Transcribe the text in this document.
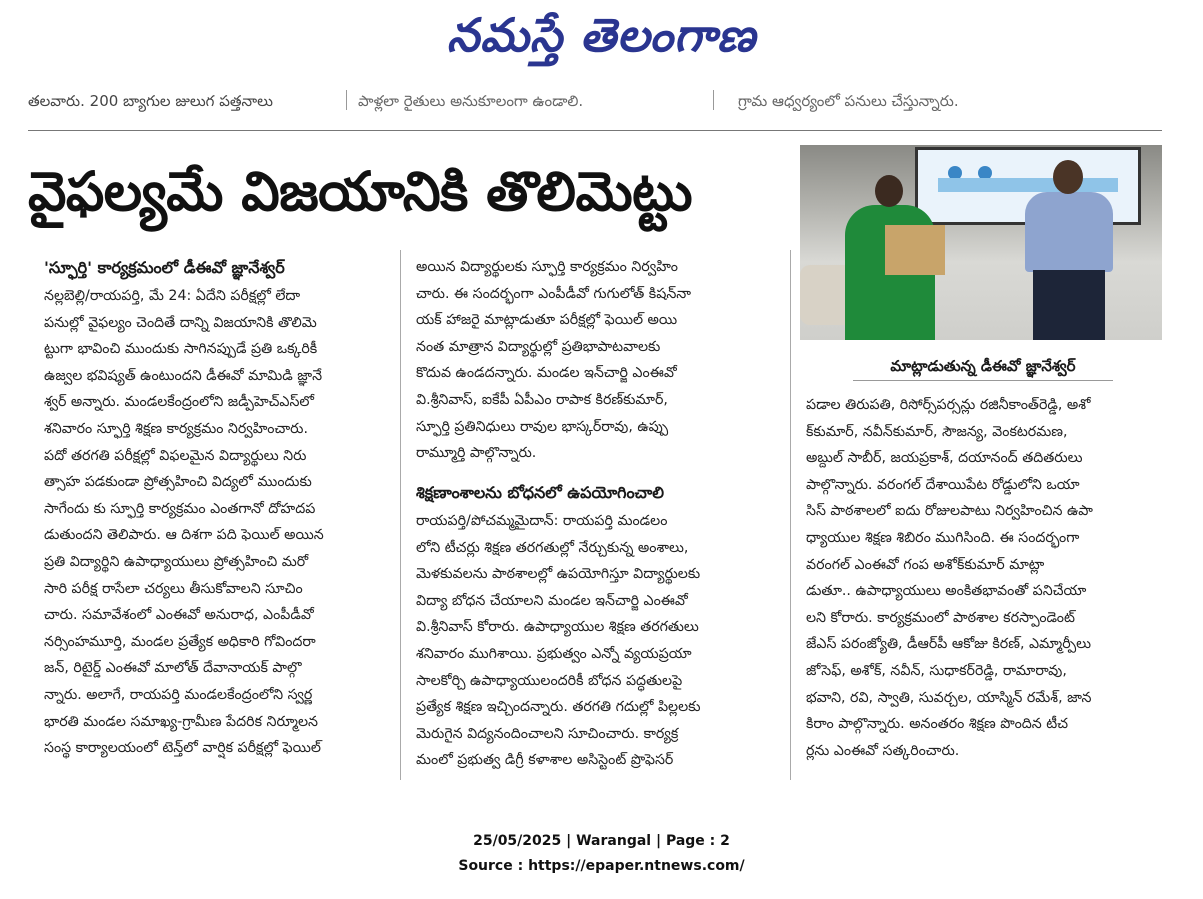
నమస్తే తెలంగాణ
తలవారు. 200 బ్యాగుల జులుగ పత్తనాలు	పాళ్లలా రైతులు అనుకూలంగా ఉండాలి.	గ్రామ ఆధ్వర్యంలో పనులు చేస్తున్నారు.
వైఫల్యమే విజయానికి తొలిమెట్టు
మాట్లాడుతున్న డీఈవో జ్ఞానేశ్వర్
'స్ఫూర్తి' కార్యక్రమంలో డీఈవో జ్ఞానేశ్వర్
నల్లబెల్లి/రాయపర్తి, మే 24: ఏదేని పరీక్షల్లో లేదా
పనుల్లో వైఫల్యం చెందితే దాన్ని విజయానికి తొలిమె
ట్టుగా భావించి ముందుకు సాగినప్పుడే ప్రతి ఒక్కరికీ
ఉజ్వల భవిష్యత్ ఉంటుందని డీఈవో మామిడి జ్ఞానే
శ్వర్ అన్నారు. మండలకేంద్రంలోని జడ్పీహెచ్ఎస్‌లో
శనివారం స్ఫూర్తి శిక్షణ కార్యక్రమం నిర్వహించారు.
పదో తరగతి పరీక్షల్లో విఫలమైన విద్యార్థులు నిరు
త్సాహ పడకుండా ప్రోత్సహించి విద్యలో ముందుకు
సాగేందు కు స్ఫూర్తి కార్యక్రమం ఎంతగానో దోహదప
డుతుందని తెలిపారు. ఆ దిశగా పది ఫెయిల్ అయిన
ప్రతి విద్యార్థిని ఉపాధ్యాయులు ప్రోత్సహించి మరో
సారి పరీక్ష రాసేలా చర్యలు తీసుకోవాలని సూచిం
చారు. సమావేశంలో ఎంఈవో అనురాధ, ఎంపీడీవో
నర్సింహమూర్తి, మండల ప్రత్యేక అధికారి గోవిందరా
జన్, రిటైర్డ్ ఎంఈవో మాలోత్ దేవానాయక్ పాల్గొ
న్నారు. అలాగే, రాయపర్తి మండలకేంద్రంలోని స్వర్ణ
భారతి మండల సమాఖ్య-గ్రామీణ పేదరిక నిర్మూలన
సంస్థ కార్యాలయంలో టెన్త్‌లో వార్షిక పరీక్షల్లో ఫెయిల్
అయిన విద్యార్థులకు స్ఫూర్తి కార్యక్రమం నిర్వహిం
చారు. ఈ సందర్భంగా ఎంపీడీవో గుగులోత్ కిషన్‌నా
యక్ హాజరై మాట్లాడుతూ పరీక్షల్లో ఫెయిల్ అయి
నంత మాత్రాన విద్యార్థుల్లో ప్రతిభాపాటవాలకు
కొదువ ఉండదన్నారు. మండల ఇన్‌చార్జి ఎంఈవో
వి.శ్రీనివాస్, ఐకేపీ ఏపీఎం రాపాక కిరణ్‌కుమార్,
స్ఫూర్తి ప్రతినిధులు రావుల భాస్కర్‌రావు, ఉప్పు
రామ్మూర్తి పాల్గొన్నారు.
శిక్షణాంశాలను బోధనలో ఉపయోగించాలి
రాయపర్తి/పోచమ్మమైదాన్: రాయపర్తి మండలం
లోని టీచర్లు శిక్షణ తరగతుల్లో నేర్చుకున్న అంశాలు,
మెళకువలను పాఠశాలల్లో ఉపయోగిస్తూ విద్యార్థులకు
విద్యా బోధన చేయాలని మండల ఇన్‌చార్జి ఎంఈవో
వి.శ్రీనివాస్ కోరారు. ఉపాధ్యాయుల శిక్షణ తరగతులు
శనివారం ముగిశాయి. ప్రభుత్వం ఎన్నో వ్యయప్రయా
సాలకోర్చి ఉపాధ్యాయులందరికీ బోధన పద్ధతులపై
ప్రత్యేక శిక్షణ ఇచ్చిందన్నారు. తరగతి గదుల్లో పిల్లలకు
మెరుగైన విద్యనందించాలని సూచించారు. కార్యక్ర
మంలో ప్రభుత్వ డిగ్రీ కళాశాల అసిస్టెంట్ ప్రొఫెసర్
పడాల తిరుపతి, రిసోర్స్‌పర్సన్లు రజినీకాంత్‌రెడ్డి, అశో
క్‌కుమార్, నవీన్‌కుమార్, సౌజన్య, వెంకటరమణ,
అబ్దుల్ సాబీర్, జయప్రకాశ్, దయానంద్ తదితరులు
పాల్గొన్నారు. వరంగల్ దేశాయిపేట రోడ్డులోని ఒయా
సిస్ పాఠశాలలో ఐదు రోజులపాటు నిర్వహించిన ఉపా
ధ్యాయుల శిక్షణ శిబిరం ముగిసింది. ఈ సందర్భంగా
వరంగల్ ఎంఈవో గంప అశోక్‌కుమార్ మాట్లా
డుతూ.. ఉపాధ్యాయులు అంకితభావంతో పనిచేయా
లని కోరారు. కార్యక్రమంలో పాఠశాల కరస్పాండెంట్
జేఎస్ పరంజ్యోతి, డీఆర్‌పీ ఆకోజు కిరణ్, ఎమ్మార్పీలు
జోసెఫ్, అశోక్, నవీన్, సుధాకర్‌రెడ్డి, రామారావు,
భవాని, రవి, స్వాతి, సువర్చల, యాస్మిన్ రమేశ్, జాన
కిరాం పాల్గొన్నారు. అనంతరం శిక్షణ పొందిన టీచ
ర్లను ఎంఈవో సత్కరించారు.
25/05/2025 | Warangal | Page : 2
Source : https://epaper.ntnews.com/
